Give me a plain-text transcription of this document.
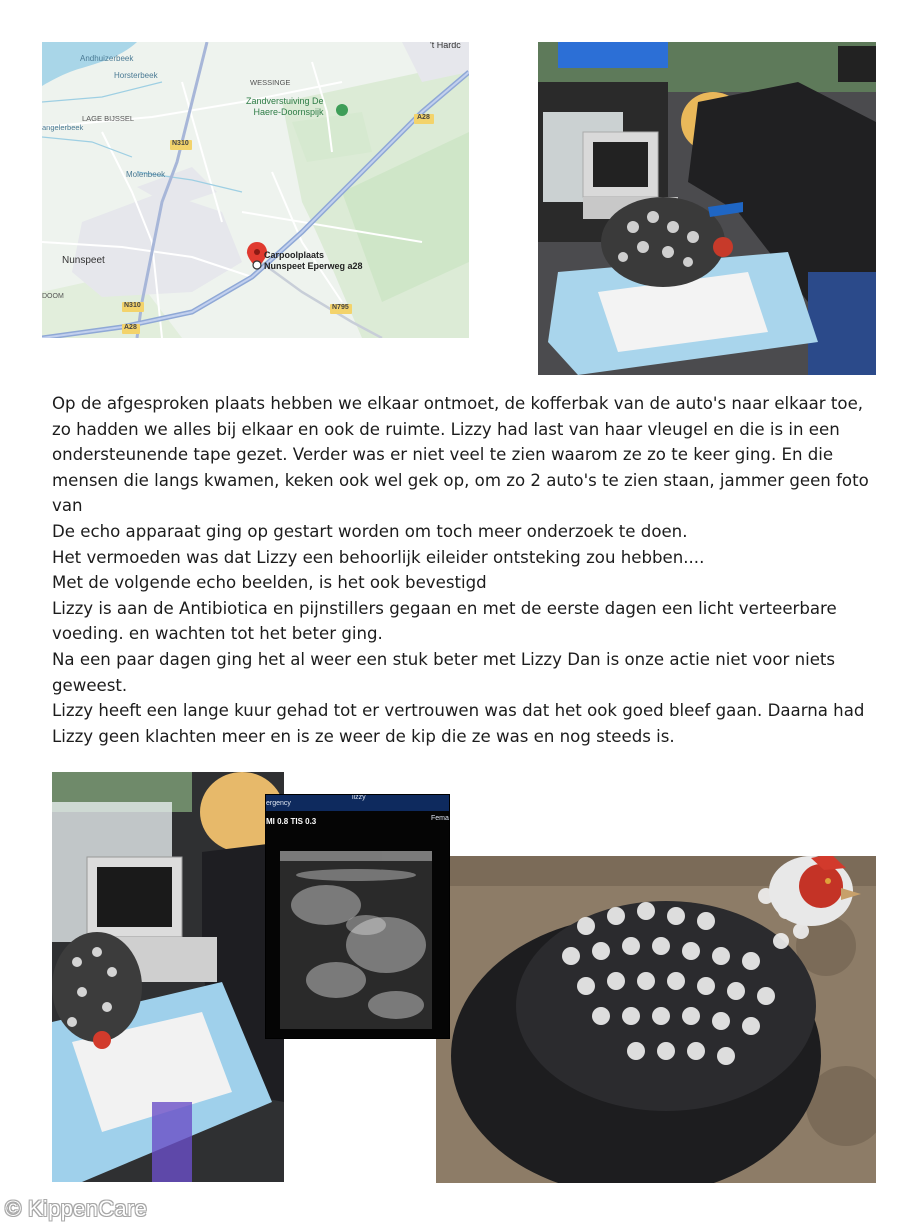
Andhuizerbeek
Horsterbeek
WESSINGE
LAGE BIJSSEL
angelerbeek
Molenbeek
Nunspeet
DOOM
't Hardc
Zandverstuiving De
Haere-Doornspijk
Carpoolplaats
Nunspeet Eperweg a28
N310
N310
A28
A28
N795

Op de afgesproken plaats hebben we elkaar ontmoet, de kofferbak van de auto's naar elkaar toe, zo hadden we alles bij elkaar en ook de ruimte. Lizzy had last van haar vleugel en die is in een ondersteunende tape gezet. Verder was er niet veel te zien waarom ze zo te keer ging. En die mensen die langs kwamen, keken ook wel gek op, om zo 2 auto's te zien staan, jammer geen foto van

De echo apparaat ging op gestart worden om toch meer onderzoek te doen.

Het vermoeden was dat Lizzy een behoorlijk eileider ontsteking zou hebben....

Met de volgende echo beelden, is het ook bevestigd

Lizzy is aan de Antibiotica en pijnstillers gegaan en met de eerste dagen een licht verteerbare voeding. en wachten tot het beter ging.

Na een paar dagen ging het al weer een stuk beter met Lizzy Dan is onze actie niet voor niets geweest.

Lizzy heeft een lange kuur gehad tot er vertrouwen was dat het ook goed bleef gaan. Daarna had Lizzy geen klachten meer en is ze weer de kip die ze was en nog steeds is.

ergency
lizzy
Fema
MI 0.8 TIS 0.3
© KippenCare
